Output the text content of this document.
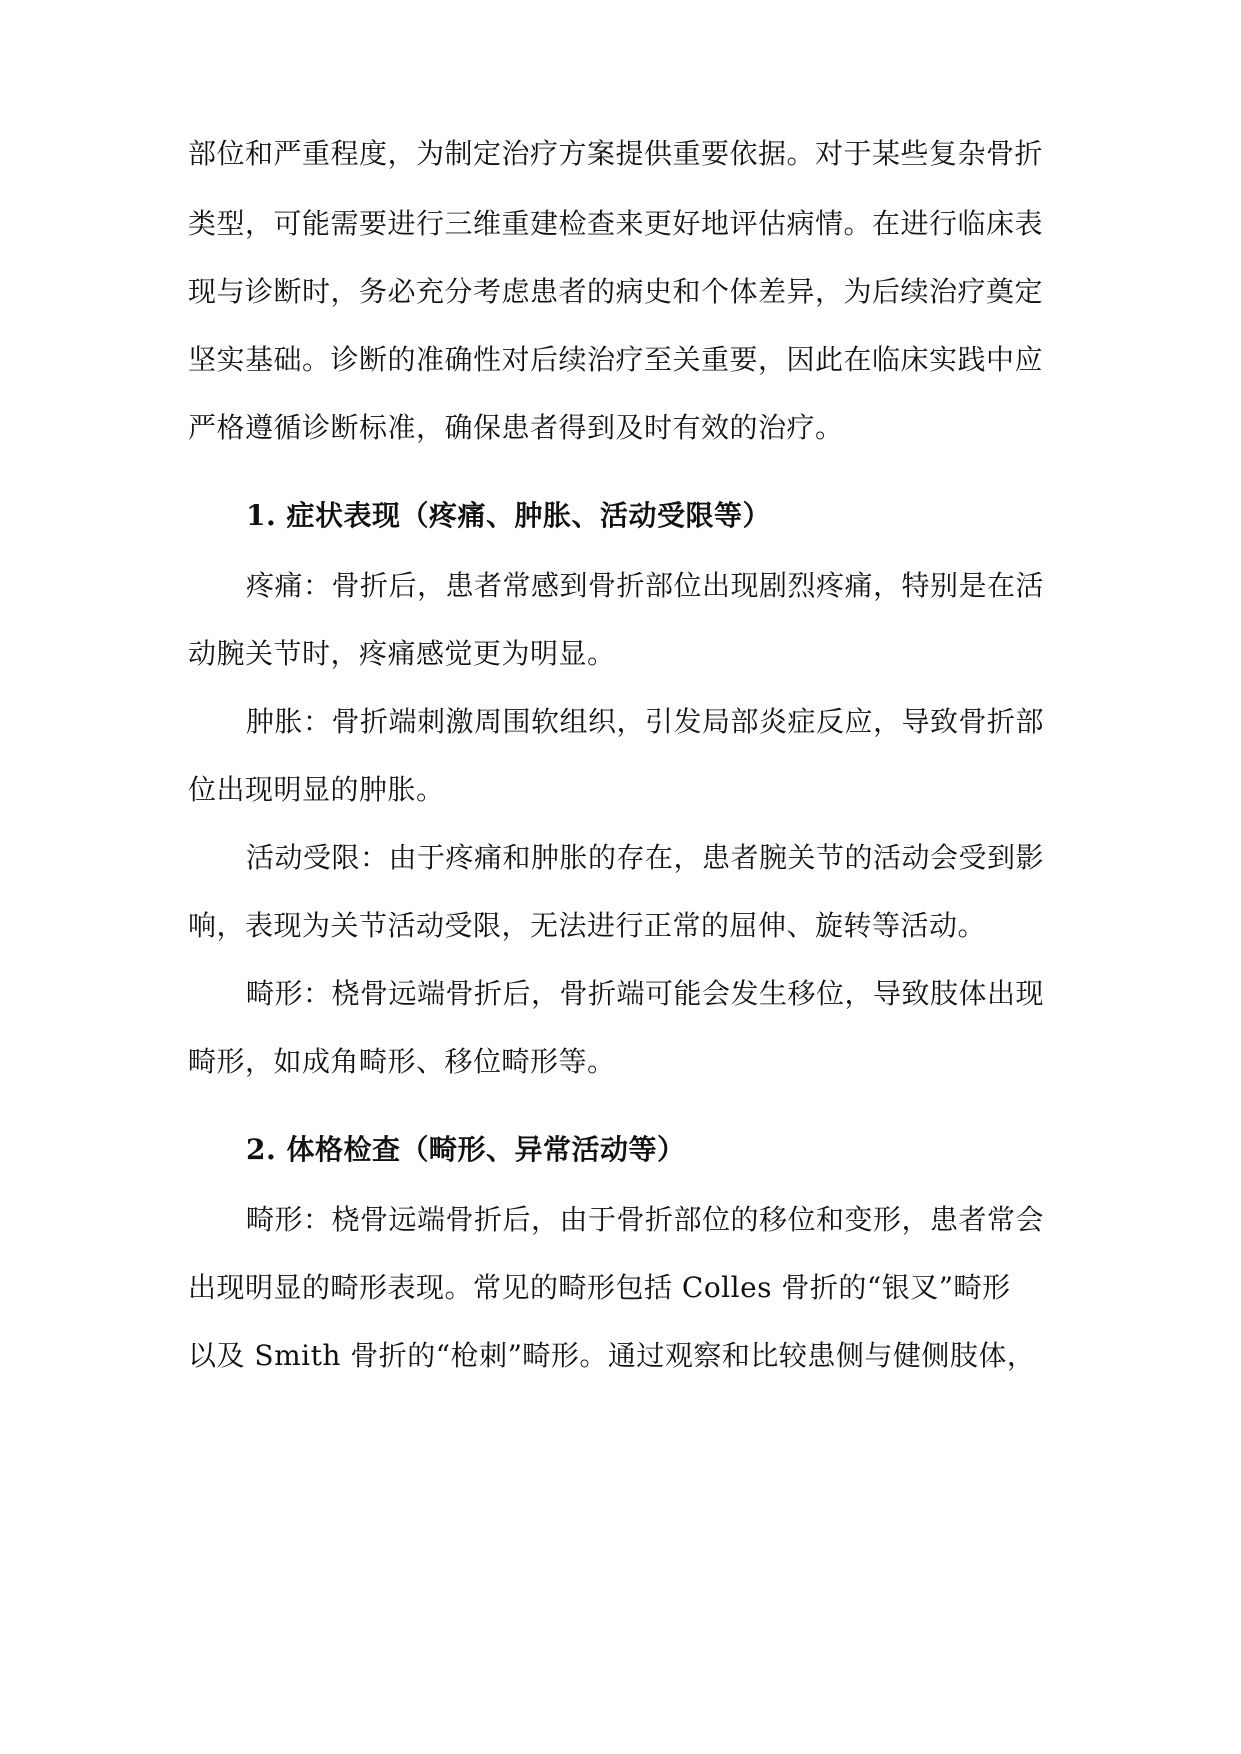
部位和严重程度，为制定治疗方案提供重要依据。对于某些复杂骨折
类型，可能需要进行三维重建检查来更好地评估病情。在进行临床表
现与诊断时，务必充分考虑患者的病史和个体差异，为后续治疗奠定
坚实基础。诊断的准确性对后续治疗至关重要，因此在临床实践中应
严格遵循诊断标准，确保患者得到及时有效的治疗。
1. 症状表现（疼痛、肿胀、活动受限等）
疼痛：骨折后，患者常感到骨折部位出现剧烈疼痛，特别是在活
动腕关节时，疼痛感觉更为明显。
肿胀：骨折端刺激周围软组织，引发局部炎症反应，导致骨折部
位出现明显的肿胀。
活动受限：由于疼痛和肿胀的存在，患者腕关节的活动会受到影
响，表现为关节活动受限，无法进行正常的屈伸、旋转等活动。
畸形：桡骨远端骨折后，骨折端可能会发生移位，导致肢体出现
畸形，如成角畸形、移位畸形等。
2. 体格检查（畸形、异常活动等）
畸形：桡骨远端骨折后，由于骨折部位的移位和变形，患者常会
出现明显的畸形表现。常见的畸形包括 Colles 骨折的“银叉”畸形
以及 Smith 骨折的“枪刺”畸形。通过观察和比较患侧与健侧肢体，
